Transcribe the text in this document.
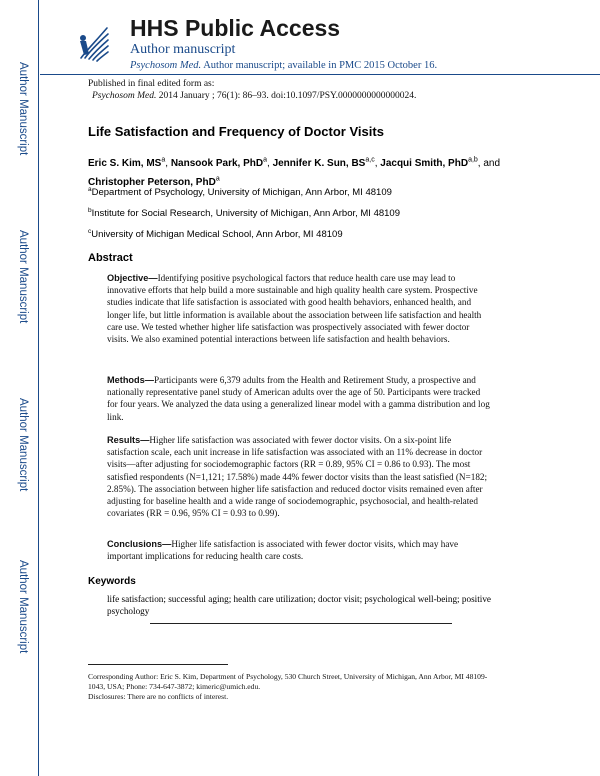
Author Manuscript
Author Manuscript
Author Manuscript
Author Manuscript
HHS Public Access
Author manuscript
Psychosom Med. Author manuscript; available in PMC 2015 October 16.
Published in final edited form as:
Psychosom Med. 2014 January ; 76(1): 86–93. doi:10.1097/PSY.0000000000000024.
Life Satisfaction and Frequency of Doctor Visits
Eric S. Kim, $MS^a$, Nansook Park, PhD$^a$, Jennifer K. Sun, BS$^{a,c}$, Jacqui Smith, PhD$^{a,b}$, and Christopher Peterson, PhD$^a$
$^a$Department of Psychology, University of Michigan, Ann Arbor, MI 48109
$^b$Institute for Social Research, University of Michigan, Ann Arbor, MI 48109
$^c$University of Michigan Medical School, Ann Arbor, MI 48109
Abstract
Objective—Identifying positive psychological factors that reduce health care use may lead to innovative efforts that help build a more sustainable and high quality health care system. Prospective studies indicate that life satisfaction is associated with good health behaviors, enhanced health, and longer life, but little information is available about the association between life satisfaction and health care use. We tested whether higher life satisfaction was prospectively associated with fewer doctor visits. We also examined potential interactions between life satisfaction and health behaviors.
Methods—Participants were 6,379 adults from the Health and Retirement Study, a prospective and nationally representative panel study of American adults over the age of 50. Participants were tracked for four years. We analyzed the data using a generalized linear model with a gamma distribution and log link.
Results—Higher life satisfaction was associated with fewer doctor visits. On a six-point life satisfaction scale, each unit increase in life satisfaction was associated with an 11% decrease in doctor visits—after adjusting for sociodemographic factors (RR = 0.89, 95% CI = 0.86 to 0.93). The most satisfied respondents (N=1,121; 17.58%) made 44% fewer doctor visits than the least satisfied (N=182; 2.85%). The association between higher life satisfaction and reduced doctor visits remained even after adjusting for baseline health and a wide range of sociodemographic, psychosocial, and health-related covariates (RR = 0.96, 95% CI = 0.93 to 0.99).
Conclusions—Higher life satisfaction is associated with fewer doctor visits, which may have important implications for reducing health care costs.
Keywords
life satisfaction; successful aging; health care utilization; doctor visit; psychological well-being; positive psychology
Corresponding Author: Eric S. Kim, Department of Psychology, 530 Church Street, University of Michigan, Ann Arbor, MI 48109-1043, USA; Phone: 734-647-3872; kimeric@umich.edu.
Disclosures: There are no conflicts of interest.
